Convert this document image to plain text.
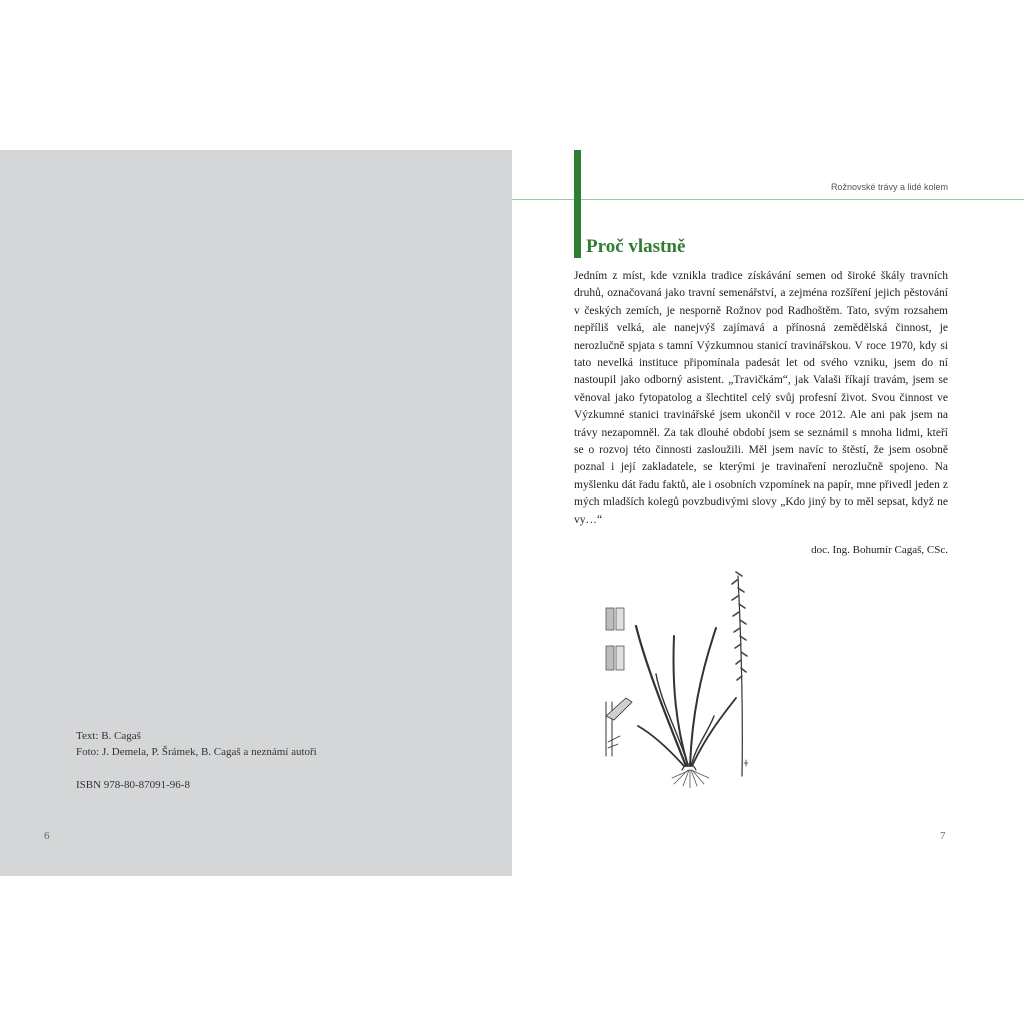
Text: B. Cagaš
Foto: J. Demela, P. Šrámek, B. Cagaš a neznámí autoři
ISBN 978-80-87091-96-8
6	7
Rožnovské trávy a lidé kolem
Proč vlastně

Jedním z míst, kde vznikla tradice získávání semen od široké škály travních druhů, označovaná jako travní semenářství, a zejména rozšíření jejich pěstování v českých zemích, je nesporně Rožnov pod Radhoštěm. Tato, svým rozsahem nepříliš velká, ale nanejvýš zajímavá a přínosná zemědělská činnost, je nerozlučně spjata s tamní Výzkumnou stanicí travinářskou. V roce 1970, kdy si tato nevelká instituce připomínala padesát let od svého vzniku, jsem do ní nastoupil jako odborný asistent. „Travičkám“, jak Valaši říkají travám, jsem se věnoval jako fytopatolog a šlechtitel celý svůj profesní život. Svou činnost ve Výzkumné stanici travinářské jsem ukončil v roce 2012. Ale ani pak jsem na trávy nezapomněl. Za tak dlouhé období jsem se seznámil s mnoha lidmi, kteří se o rozvoj této činnosti zasloužili. Měl jsem navíc to štěstí, že jsem osobně poznal i její zakladatele, se kterými je travinaření nerozlučně spojeno. Na myšlenku dát řadu faktů, ale i osobních vzpomínek na papír, mne přivedl jeden z mých mladších kolegů povzbudivými slovy „Kdo jiný by to měl sepsat, když ne vy…“

doc. Ing. Bohumír Cagaš, CSc.
